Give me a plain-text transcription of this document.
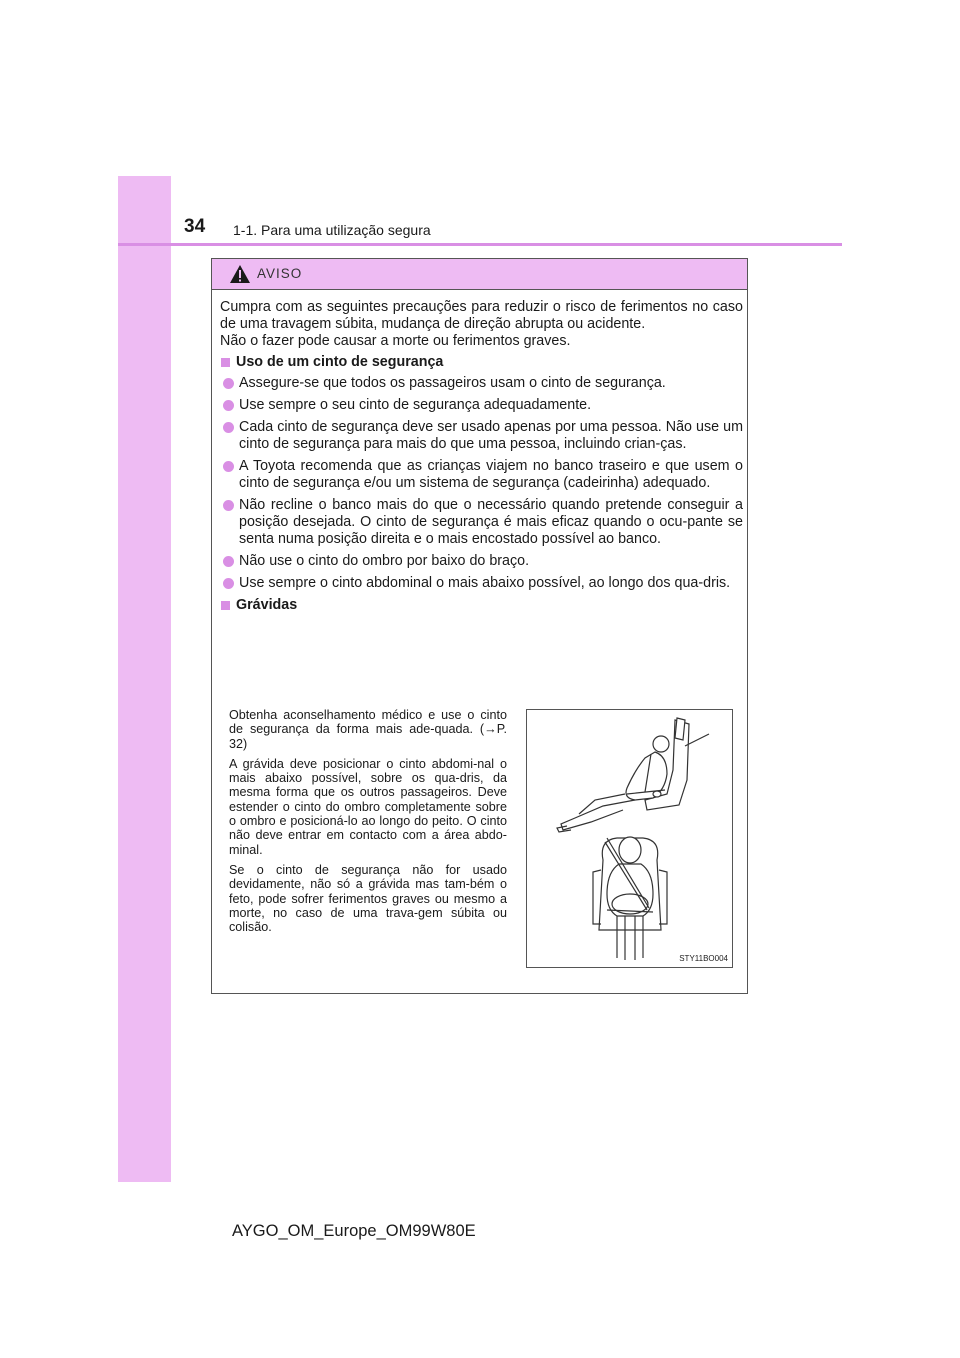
34 1-1. Para uma utilização segura
AVISO
Cumpra com as seguintes precauções para reduzir o risco de ferimentos no caso de uma travagem súbita, mudança de direção abrupta ou acidente.
Não o fazer pode causar a morte ou ferimentos graves.
Uso de um cinto de segurança
Assegure-se que todos os passageiros usam o cinto de segurança.
Use sempre o seu cinto de segurança adequadamente.
Cada cinto de segurança deve ser usado apenas por uma pessoa. Não use um cinto de segurança para mais do que uma pessoa, incluindo crian-ças.
A Toyota recomenda que as crianças viajem no banco traseiro e que usem o cinto de segurança e/ou um sistema de segurança (cadeirinha) adequado.
Não recline o banco mais do que o necessário quando pretende conseguir a posição desejada. O cinto de segurança é mais eficaz quando o ocu-pante se senta numa posição direita e o mais encostado possível ao banco.
Não use o cinto do ombro por baixo do braço.
Use sempre o cinto abdominal o mais abaixo possível, ao longo dos qua-dris.
Grávidas

Obtenha aconselhamento médico e use o cinto de segurança da forma mais ade-quada. (→P. 32)

A grávida deve posicionar o cinto abdomi-nal o mais abaixo possível, sobre os qua-dris, da mesma forma que os outros passageiros. Deve estender o cinto do ombro completamente sobre o ombro e posicioná-lo ao longo do peito. O cinto não deve entrar em contacto com a área abdo-minal.

Se o cinto de segurança não for usado devidamente, não só a grávida mas tam-bém o feto, pode sofrer ferimentos graves ou mesmo a morte, no caso de uma trava-gem súbita ou colisão.

STY11BO004
AYGO_OM_Europe_OM99W80E
